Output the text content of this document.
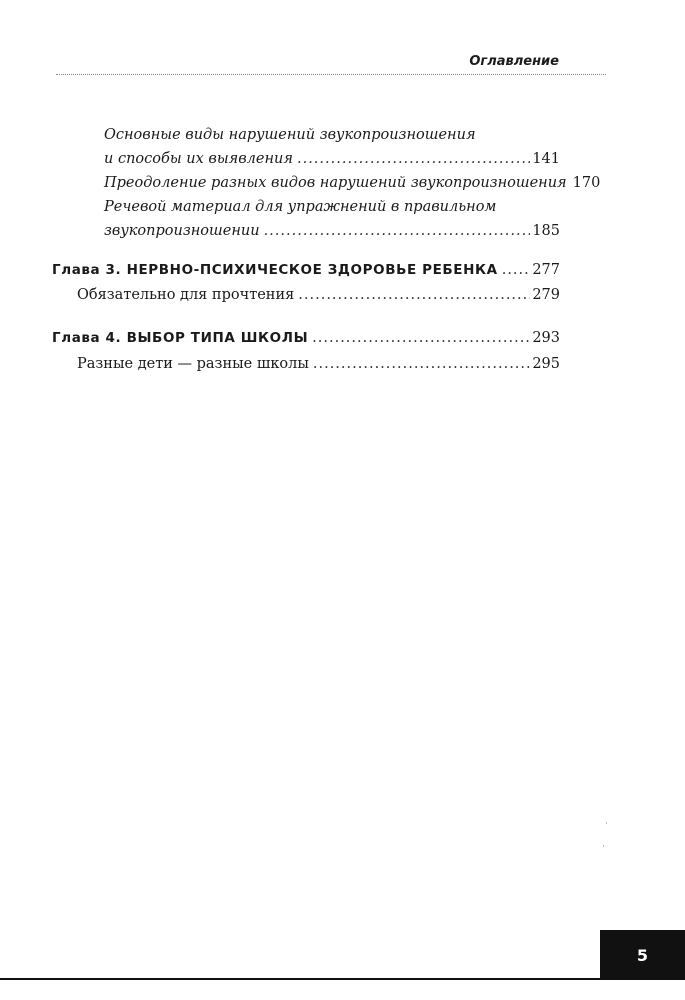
Оглавление
Основные виды нарушений звукопроизношения
и способы их выявления .....	141
Преодоление разных видов нарушений звукопроизношения 170
Речевой материал для упражнений в правильном
звукопроизношении .....	185
Глава 3. НЕРВНО-ПСИХИЧЕСКОЕ ЗДОРОВЬЕ РЕБЕНКА ..... 277
Обязательно для прочтения .....	279
Глава 4. ВЫБОР ТИПА ШКОЛЫ .....	293
Разные дети — разные школы .....	295
5
